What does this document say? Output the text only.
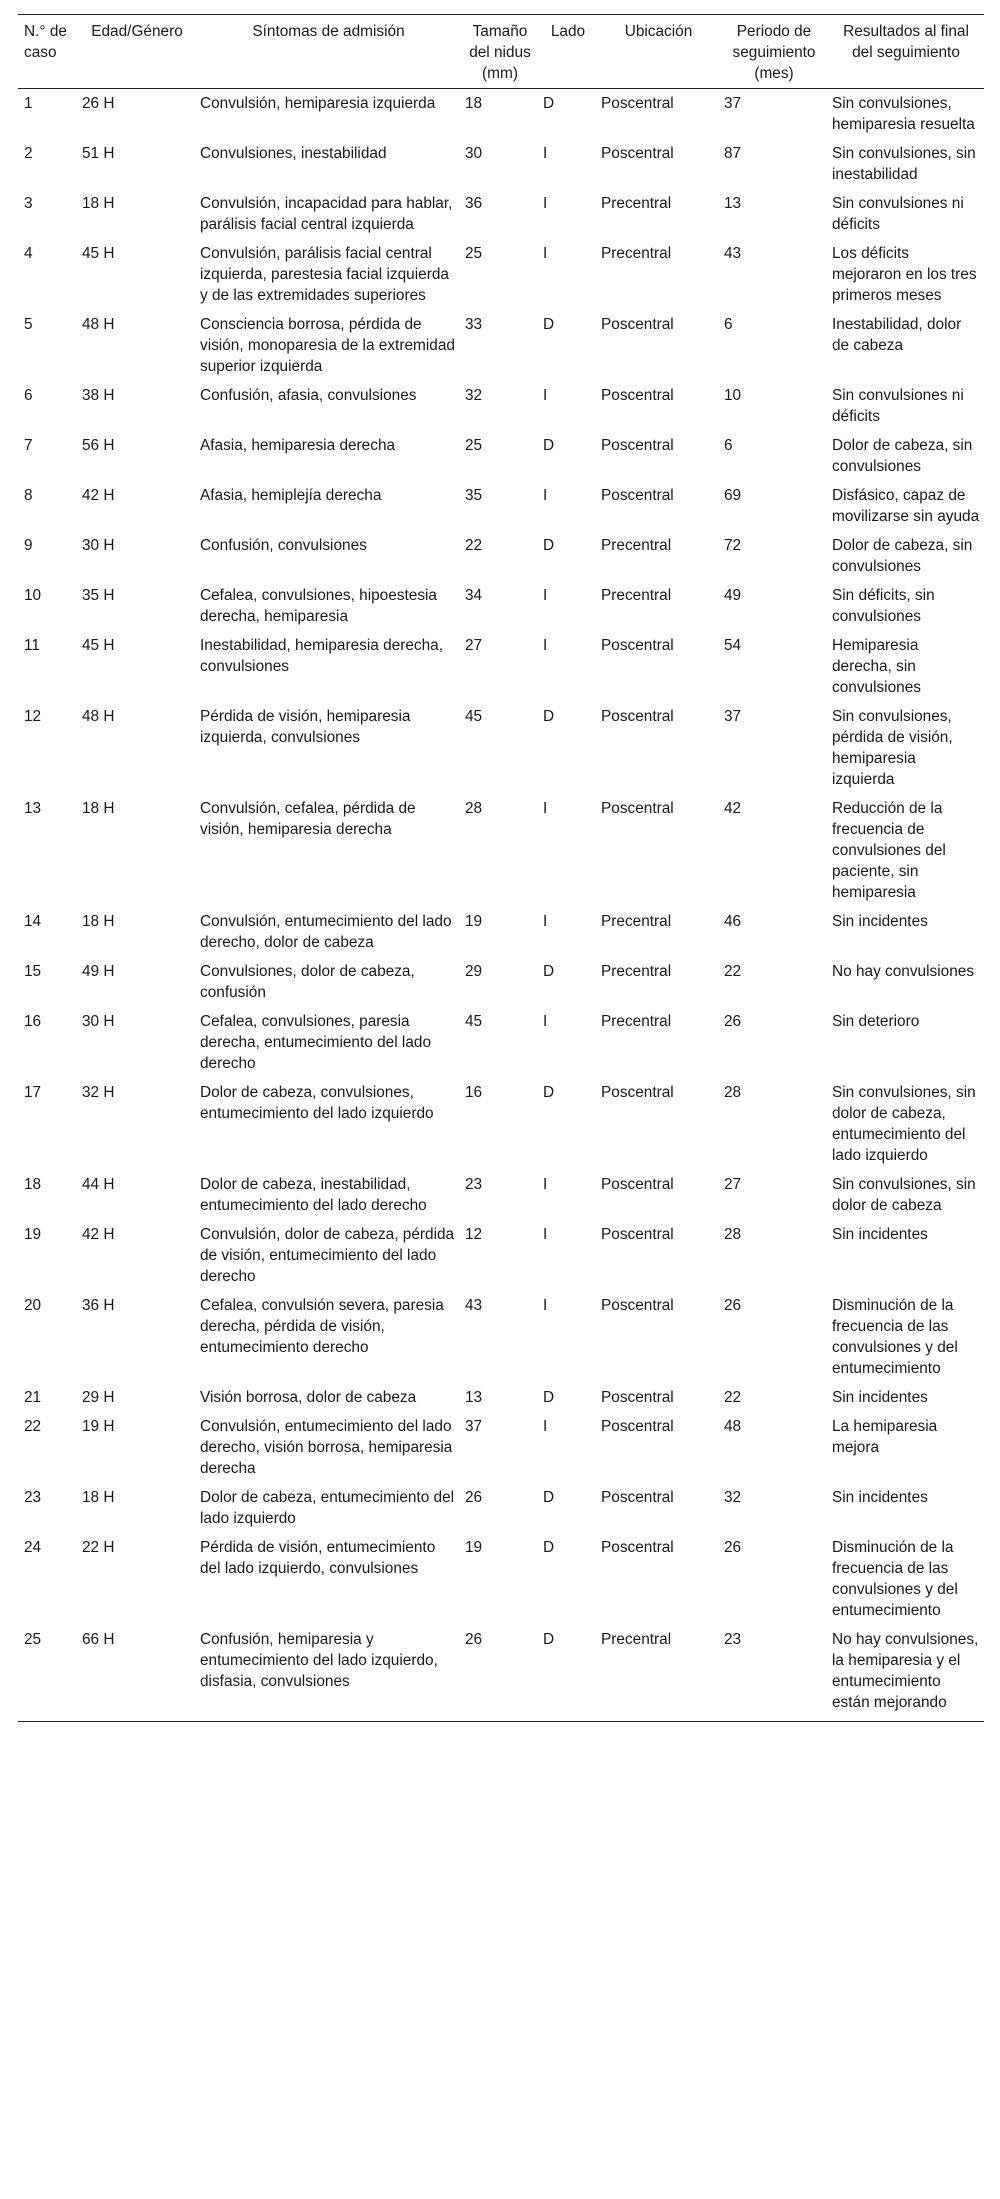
N.° de caso	Edad/Género	Síntomas de admisión	Tamaño del nidus (mm)	Lado	Ubicación	Periodo de seguimiento (mes)	Resultados al final del seguimiento
1	26 H	Convulsión, hemiparesia izquierda	18	D	Poscentral	37	Sin convulsiones, hemiparesia resuelta
2	51 H	Convulsiones, inestabilidad	30	I	Poscentral	87	Sin convulsiones, sin inestabilidad
3	18 H	Convulsión, incapacidad para hablar, parálisis facial central izquierda	36	I	Precentral	13	Sin convulsiones ni déficits
4	45 H	Convulsión, parálisis facial central izquierda, parestesia facial izquierda y de las extremidades superiores	25	I	Precentral	43	Los déficits mejoraron en los tres primeros meses
5	48 H	Consciencia borrosa, pérdida de visión, monoparesia de la extremidad superior izquierda	33	D	Poscentral	6	Inestabilidad, dolor de cabeza
6	38 H	Confusión, afasia, convulsiones	32	I	Poscentral	10	Sin convulsiones ni déficits
7	56 H	Afasia, hemiparesia derecha	25	D	Poscentral	6	Dolor de cabeza, sin convulsiones
8	42 H	Afasia, hemiplejía derecha	35	I	Poscentral	69	Disfásico, capaz de movilizarse sin ayuda
9	30 H	Confusión, convulsiones	22	D	Precentral	72	Dolor de cabeza, sin convulsiones
10	35 H	Cefalea, convulsiones, hipoestesia derecha, hemiparesia	34	I	Precentral	49	Sin déficits, sin convulsiones
11	45 H	Inestabilidad, hemiparesia derecha, convulsiones	27	I	Poscentral	54	Hemiparesia derecha, sin convulsiones
12	48 H	Pérdida de visión, hemiparesia izquierda, convulsiones	45	D	Poscentral	37	Sin convulsiones, pérdida de visión, hemiparesia izquierda
13	18 H	Convulsión, cefalea, pérdida de visión, hemiparesia derecha	28	I	Poscentral	42	Reducción de la frecuencia de convulsiones del paciente, sin hemiparesia
14	18 H	Convulsión, entumecimiento del lado derecho, dolor de cabeza	19	I	Precentral	46	Sin incidentes
15	49 H	Convulsiones, dolor de cabeza, confusión	29	D	Precentral	22	No hay convulsiones
16	30 H	Cefalea, convulsiones, paresia derecha, entumecimiento del lado derecho	45	I	Precentral	26	Sin deterioro
17	32 H	Dolor de cabeza, convulsiones, entumecimiento del lado izquierdo	16	D	Poscentral	28	Sin convulsiones, sin dolor de cabeza, entumecimiento del lado izquierdo
18	44 H	Dolor de cabeza, inestabilidad, entumecimiento del lado derecho	23	I	Poscentral	27	Sin convulsiones, sin dolor de cabeza
19	42 H	Convulsión, dolor de cabeza, pérdida de visión, entumecimiento del lado derecho	12	I	Poscentral	28	Sin incidentes
20	36 H	Cefalea, convulsión severa, paresia derecha, pérdida de visión, entumecimiento derecho	43	I	Poscentral	26	Disminución de la frecuencia de las convulsiones y del entumecimiento
21	29 H	Visión borrosa, dolor de cabeza	13	D	Poscentral	22	Sin incidentes
22	19 H	Convulsión, entumecimiento del lado derecho, visión borrosa, hemiparesia derecha	37	I	Poscentral	48	La hemiparesia mejora
23	18 H	Dolor de cabeza, entumecimiento del lado izquierdo	26	D	Poscentral	32	Sin incidentes
24	22 H	Pérdida de visión, entumecimiento del lado izquierdo, convulsiones	19	D	Poscentral	26	Disminución de la frecuencia de las convulsiones y del entumecimiento
25	66 H	Confusión, hemiparesia y entumecimiento del lado izquierdo, disfasia, convulsiones	26	D	Precentral	23	No hay convulsiones, la hemiparesia y el entumecimiento están mejorando
